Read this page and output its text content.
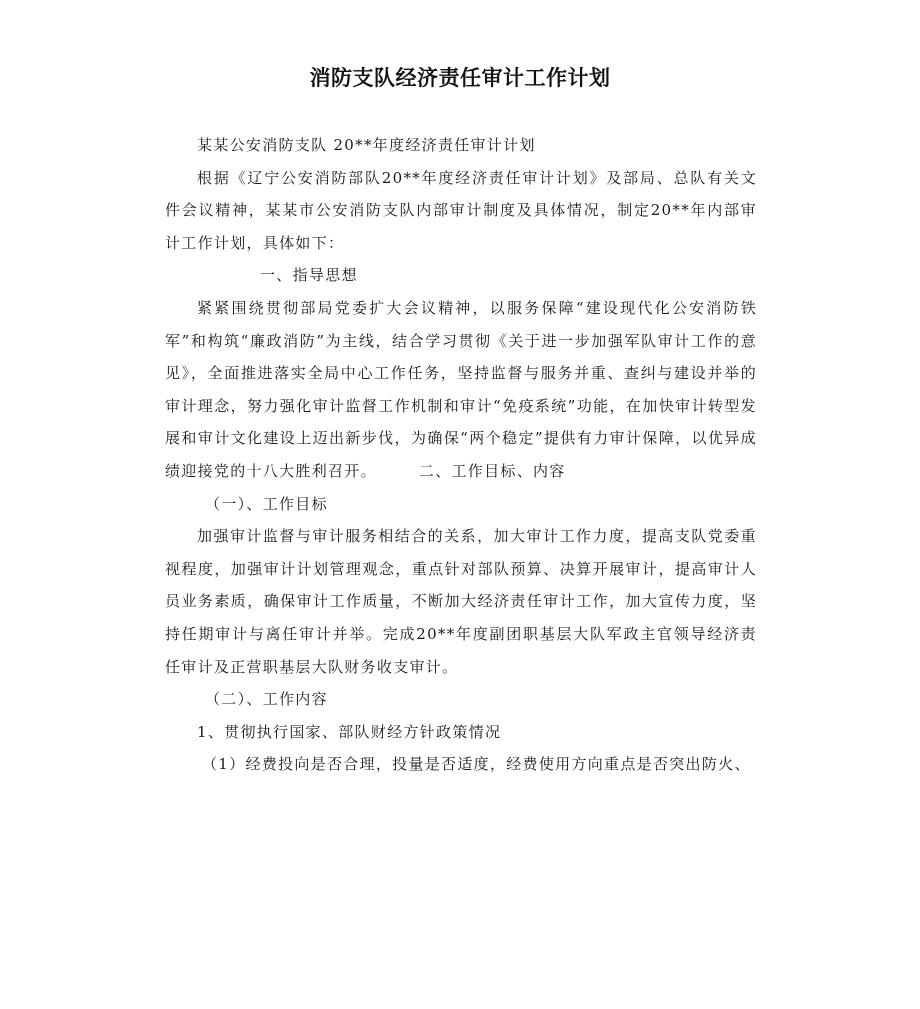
消防支队经济责任审计工作计划

某某公安消防支队 20**年度经济责任审计计划

根据《辽宁公安消防部队20**年度经济责任审计计划》及部局、总队有关文件会议精神，某某市公安消防支队内部审计制度及具体情况，制定20**年内部审计工作计划，具体如下：

一、指导思想

紧紧围绕贯彻部局党委扩大会议精神，以服务保障“建设现代化公安消防铁军”和构筑“廉政消防”为主线，结合学习贯彻《关于进一步加强军队审计工作的意见》，全面推进落实全局中心工作任务，坚持监督与服务并重、查纠与建设并举的审计理念，努力强化审计监督工作机制和审计“免疫系统”功能，在加快审计转型发展和审计文化建设上迈出新步伐，为确保“两个稳定”提供有力审计保障，以优异成绩迎接党的十八大胜利召开。	二、工作目标、内容

（一）、工作目标

加强审计监督与审计服务相结合的关系，加大审计工作力度，提高支队党委重视程度，加强审计计划管理观念，重点针对部队预算、决算开展审计，提高审计人员业务素质，确保审计工作质量，不断加大经济责任审计工作，加大宣传力度，坚持任期审计与离任审计并举。完成20**年度副团职基层大队军政主官领导经济责任审计及正营职基层大队财务收支审计。

（二）、工作内容

1、贯彻执行国家、部队财经方针政策情况

（1）经费投向是否合理，投量是否适度，经费使用方向重点是否突出防火、
